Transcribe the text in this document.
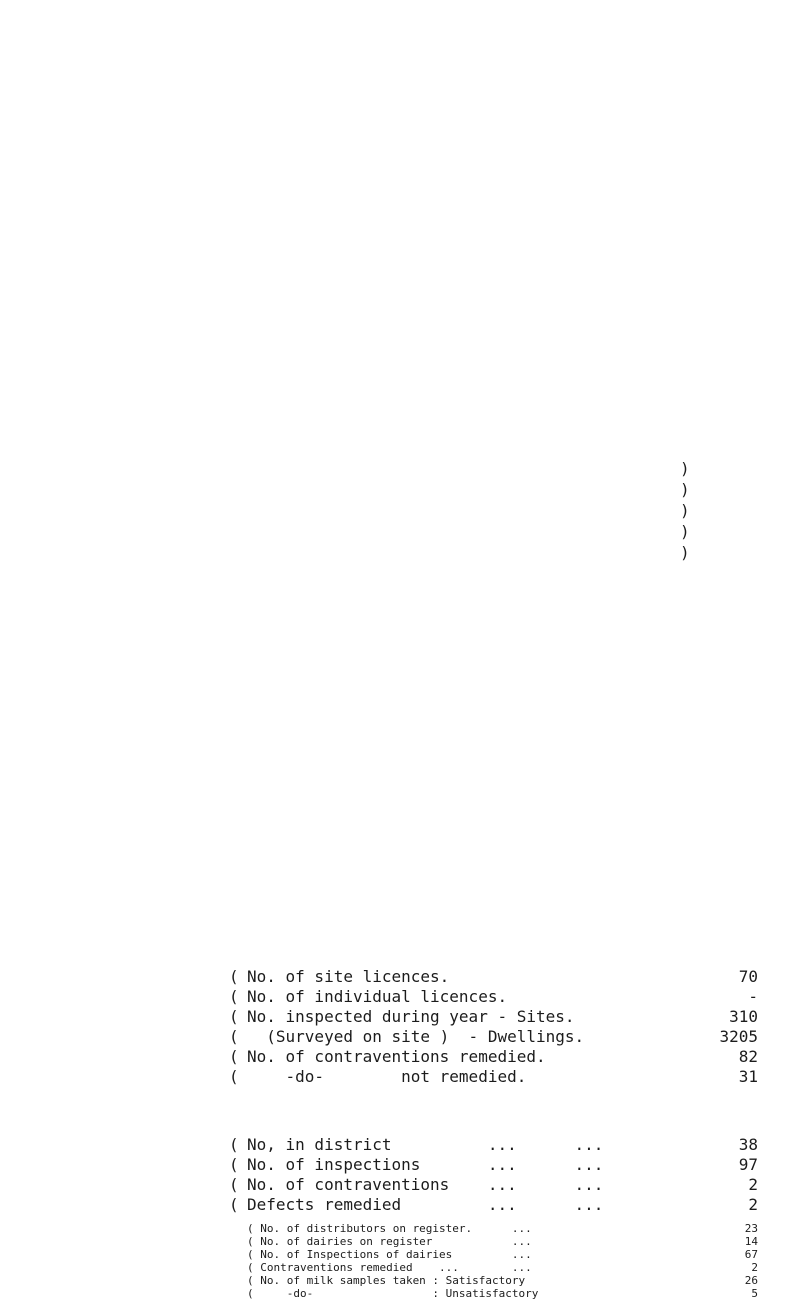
)
)
)
)
)
( No. of site licences.	70
( No. of individual licences.	-
( No. inspected during year - Sites.	310
( (Surveyed on site )  - Dwellings.	3205
( No. of contraventions remedied.	82
( -do-        not remedied.	31
( No, in district          ...      ...	38
( No. of inspections       ...      ...	97
( No. of contraventions    ...      ...	2
( Defects remedied         ...      ...	2
( No. of distributors on register.      ...	23
( No. of dairies on register            ...	14
( No. of Inspections of dairies         ...	67
( Contraventions remedied    ...        ...	2
( No. of milk samples taken : Satisfactory	26
(     -do-                  : Unsatisfactory	5
